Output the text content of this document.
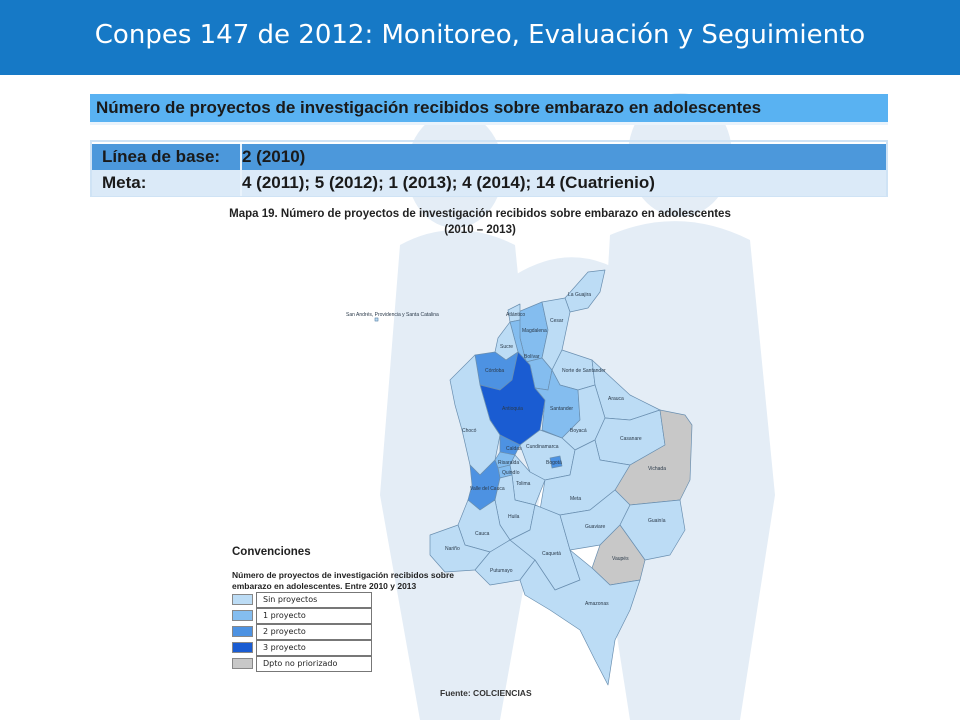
Conpes 147 de 2012: Monitoreo, Evaluación y Seguimiento
Número de proyectos de investigación recibidos sobre embarazo en adolescentes
Línea de base: 2 (2010)
Meta:	4 (2011); 5 (2012); 1 (2013); 4 (2014); 14 (Cuatrienio)
Mapa 19. Número de proyectos de investigación recibidos sobre embarazo en adolescentes
(2010 – 2013)
La Guajira
Magdalena
Atlántico
Cesar
Bolívar
Sucre
Córdoba	Norte de Santander
Antioquia	Santander
Arauca
Boyacá
Casanare
Vichada
Chocó
Caldas
Risaralda
Cundinamarca
Bogotá
Quindío
Tolima
Valle del Cauca
Meta
Huila
Cauca
Nariño
Putumayo
Caquetá
Guaviare
Guainía
Vaupés
Amazonas
San Andrés, Providencia y Santa Catalina
Convenciones
Número de proyectos de investigación recibidos sobre embarazo en adolescentes. Entre 2010 y 2013
Sin proyectos
1 proyecto
2 proyecto
3 proyecto
Dpto no priorizado
Fuente: COLCIENCIAS
